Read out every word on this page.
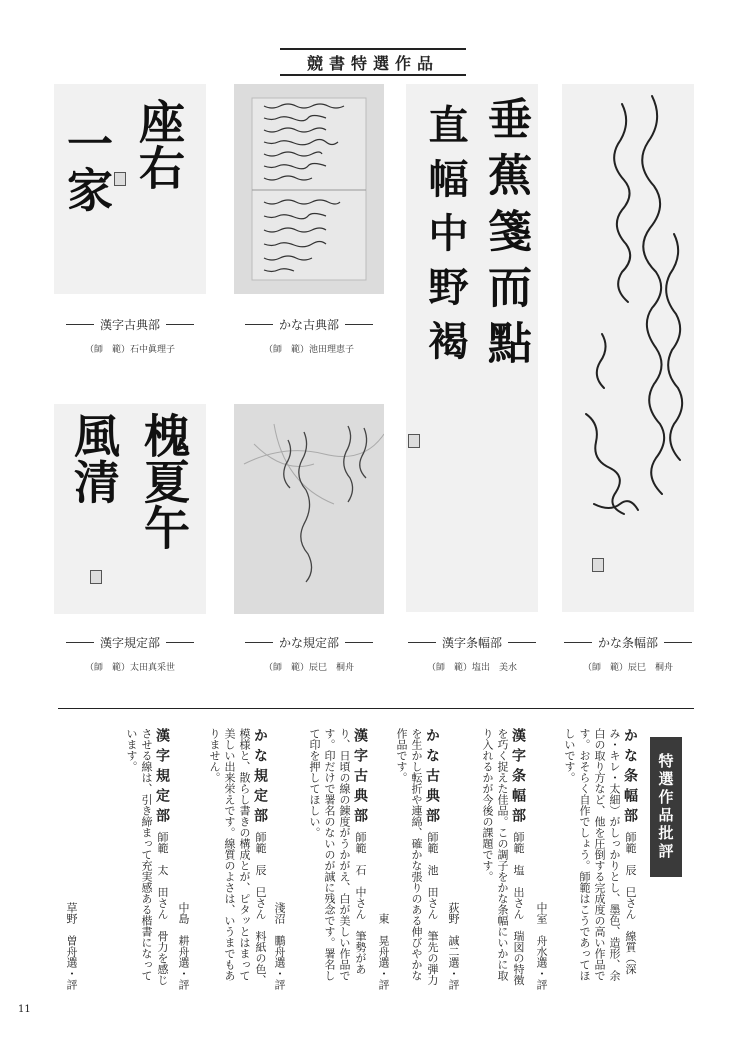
競書特選作品
座右
一家	垂蕉箋而點
直幅中野褐
槐夏午
風清
漢字古典部
（師　範）石中眞理子
かな古典部
（師　範）池田理恵子
漢字規定部
（師　範）太田真采世
かな規定部
（師　範）辰巳　桐舟
漢字条幅部
（師　範）塩出　美水
かな条幅部
（師　範）辰巳　桐舟
特選作品批評
かな条幅部 師範　辰　巳さん　線質（深み・キレ・太細）がしっかりとし、墨色、造形、余白の取り方など、他を圧倒する完成度の高い作品です。おそらく自作でしょう。師範はこうであってほしいです。
中室　舟水選・評
漢字条幅部 師範　塩　出さん　瑞図の特徴を巧く捉えた佳品。この調子をかな条幅にいかに取り入れるかが今後の課題です。
荻野　誠二選・評
かな古典部 師範　池　田さん　筆先の弾力を生かし転折や連綿、確かな張りのある伸びやかな作品です。
東　晃舟選・評
漢字古典部 師範　石　中さん　筆勢があり、日頃の線の錬度がうかがえ、白が美しい作品です。印だけで署名のないのが誠に残念です。署名して印を押してほしい。
淺沼　鵬舟選・評
かな規定部 師範　辰　巳さん　料紙の色、模様と、散らし書きの構成とが、ピタッとはまって美しい出来栄えです。線質のよさは、いうまでもありません。
中島　耕舟選・評
漢字規定部 師範　太　田さん　骨力を感じさせる線は、引き締まって充実感ある楷書になっています。
草野　曽舟選・評
11
